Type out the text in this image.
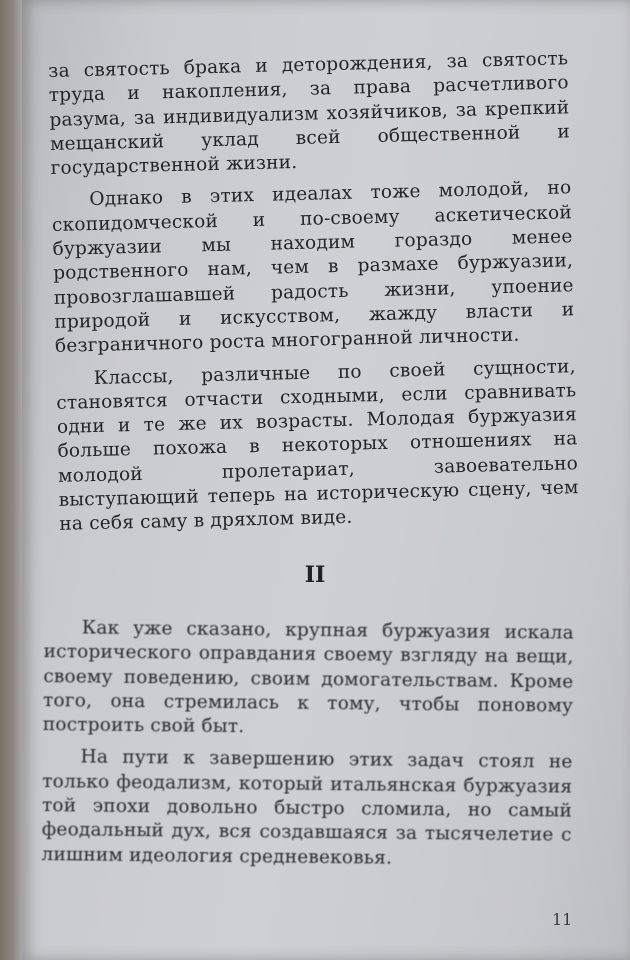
за святость брака и деторождения, за святость труда и накопления, за права расчетливого разума, за индивидуализм хозяйчиков, за крепкий мещанский уклад всей общественной и государственной жизни.

Однако в этих идеалах тоже молодой, но скопидомческой и по-своему аскетической буржуазии мы находим гораздо менее родственного нам, чем в размахе буржуазии, провозглашавшей радость жизни, упоение природой и искусством, жажду власти и безграничного роста многогранной личности.

Классы, различные по своей сущности, становятся отчасти сходными, если сравнивать одни и те же их возрасты. Молодая буржуазия больше похожа в некоторых отношениях на молодой пролетариат, завоевательно выступающий теперь на историческую сцену, чем на себя саму в дряхлом виде.

II

Как уже сказано, крупная буржуазия искала исторического оправдания своему взгляду на вещи, своему поведению, своим домогательствам. Кроме того, она стремилась к тому, чтобы поновому построить свой быт.

На пути к завершению этих задач стоял не только феодализм, который итальянская буржуазия той эпохи довольно быстро сломила, но самый феодальный дух, вся создавшаяся за тысячелетие с лишним идеология средневековья.

11
